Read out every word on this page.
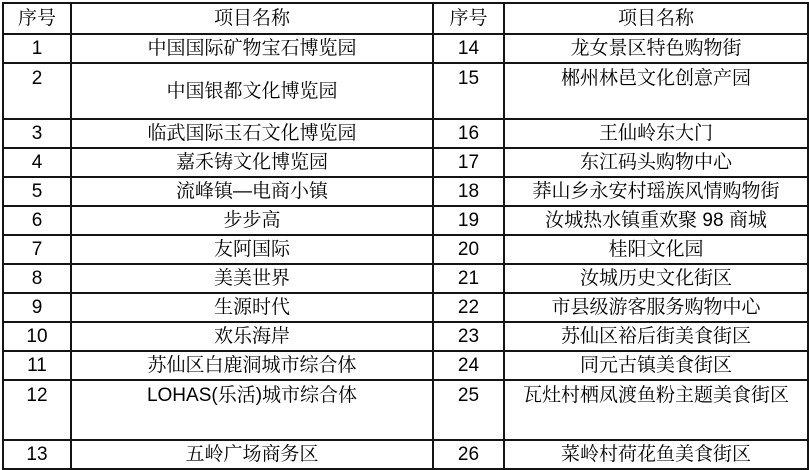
序号	项目名称	序号	项目名称
1	中国国际矿物宝石博览园	14	龙女景区特色购物街
2	中国银都文化博览园	15	郴州林邑文化创意产园
3	临武国际玉石文化博览园	16	王仙岭东大门
4	嘉禾铸文化博览园	17	东江码头购物中心
5	流峰镇—电商小镇	18	莽山乡永安村瑶族风情购物街
6	步步高	19	汝城热水镇重欢聚 98 商城
7	友阿国际	20	桂阳文化园
8	美美世界	21	汝城历史文化街区
9	生源时代	22	市县级游客服务购物中心
10	欢乐海岸	23	苏仙区裕后街美食街区
11	苏仙区白鹿洞城市综合体	24	同元古镇美食街区
12	LOHAS(乐活)城市综合体	25	瓦灶村栖凤渡鱼粉主题美食街区
13	五岭广场商务区	26	菜岭村荷花鱼美食街区
